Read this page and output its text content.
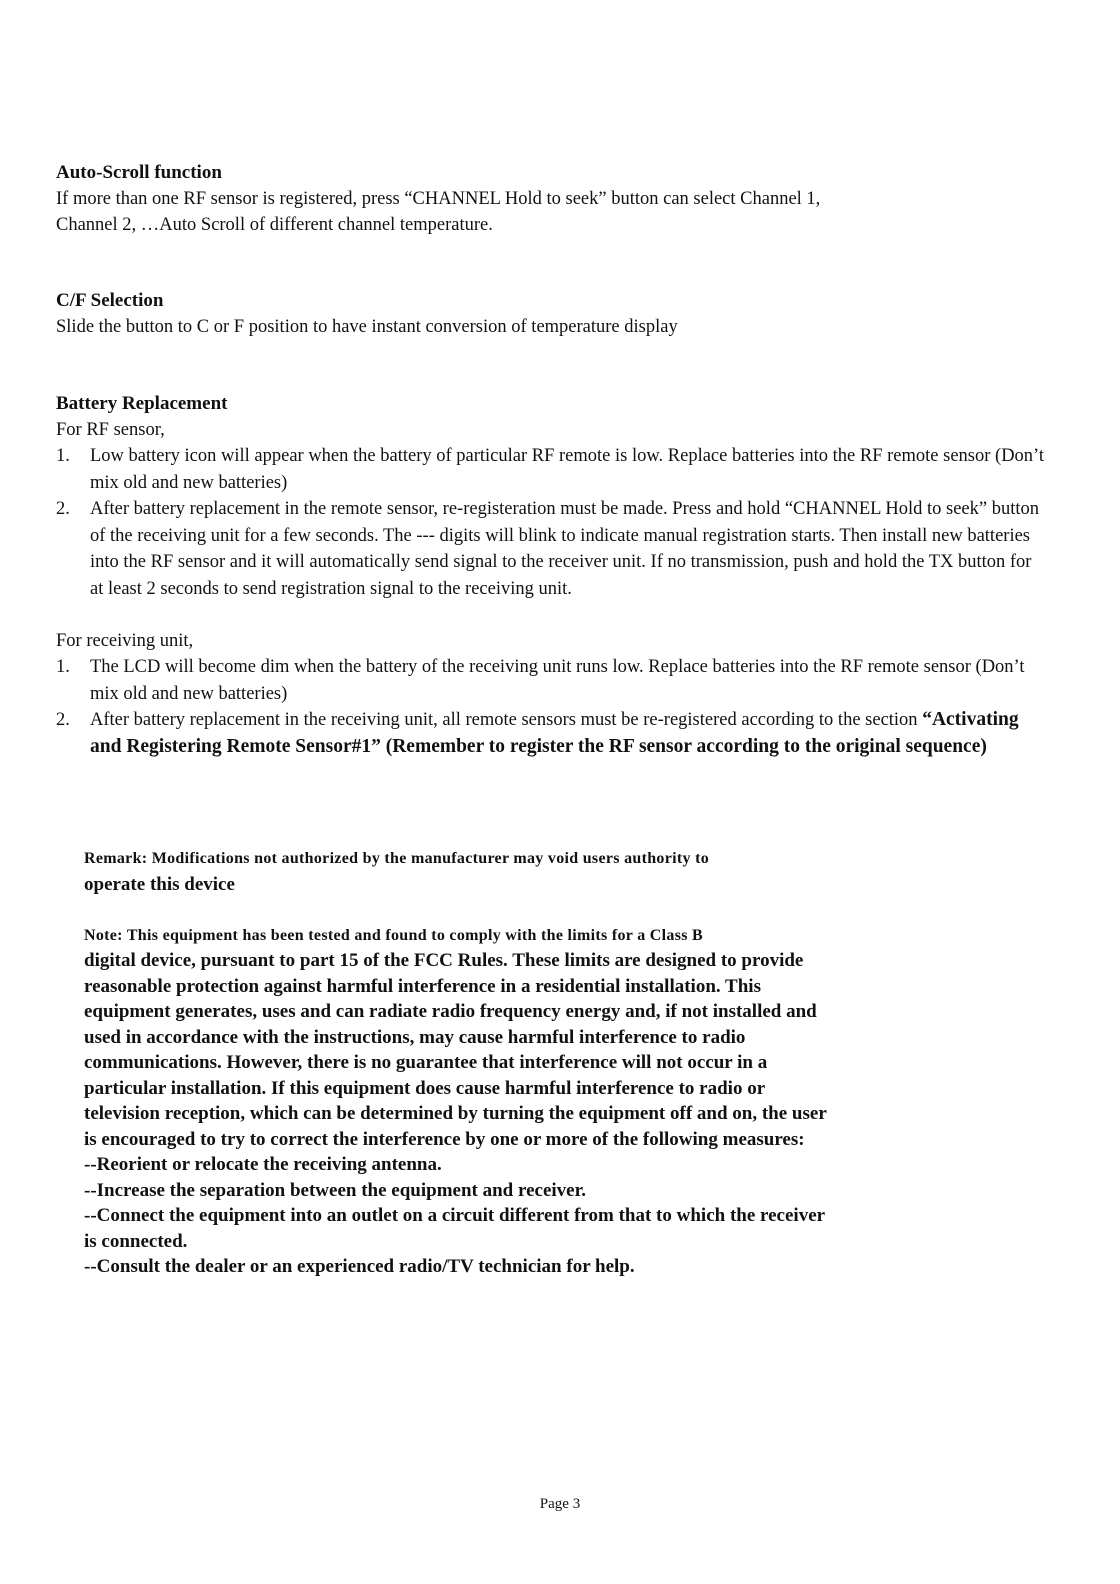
Auto-Scroll function

If more than one RF sensor is registered, press “CHANNEL Hold to seek” button can select Channel 1,

Channel 2, …Auto Scroll of different channel temperature.

C/F Selection

Slide the button to C or F position to have instant conversion of temperature display

Battery Replacement

For RF sensor,

1. Low battery icon will appear when the battery of particular RF remote is low. Replace batteries into the RF remote sensor (Don’t mix old and new batteries)
2. After battery replacement in the remote sensor, re-registeration must be made. Press and hold “CHANNEL Hold to seek” button of the receiving unit for a few seconds. The --- digits will blink to indicate manual registration starts. Then install new batteries into the RF sensor and it will automatically send signal to the receiver unit. If no transmission, push and hold the TX button for at least 2 seconds to send registration signal to the receiving unit.

For receiving unit,

1. The LCD will become dim when the battery of the receiving unit runs low. Replace batteries into the RF remote sensor (Don’t mix old and new batteries)
2. After battery replacement in the receiving unit, all remote sensors must be re-registered according to the section “Activating and Registering Remote Sensor#1” (Remember to register the RF sensor according to the original sequence)
Remark: Modifications not authorized by the manufacturer may void users authority to
operate this device
Note: This equipment has been tested and found to comply with the limits for a Class B
digital device, pursuant to part 15 of the FCC Rules. These limits are designed to provide
reasonable protection against harmful interference in a residential installation. This
equipment generates, uses and can radiate radio frequency energy and, if not installed and
used in accordance with the instructions, may cause harmful interference to radio
communications. However, there is no guarantee that interference will not occur in a
particular installation. If this equipment does cause harmful interference to radio or
television reception, which can be determined by turning the equipment off and on, the user
is encouraged to try to correct the interference by one or more of the following measures:
--Reorient or relocate the receiving antenna.
--Increase the separation between the equipment and receiver.
--Connect the equipment into an outlet on a circuit different from that to which the receiver
is connected.
--Consult the dealer or an experienced radio/TV technician for help.
Page 3
